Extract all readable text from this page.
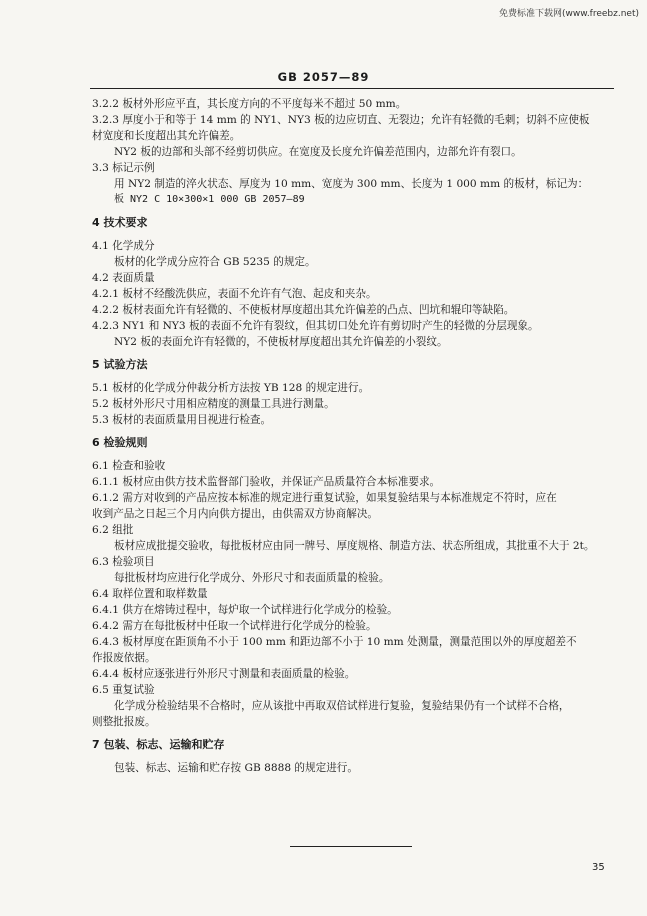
免费标准下载网(www.freebz.net)
GB 2057—89
3.2.2 板材外形应平直，其长度方向的不平度每米不超过 50 mm。
3.2.3 厚度小于和等于 14 mm 的 NY1、NY3 板的边应切直、无裂边；允许有轻微的毛刺；切斜不应使板
材宽度和长度超出其允许偏差。
NY2 板的边部和头部不经剪切供应。在宽度及长度允许偏差范围内，边部允许有裂口。
3.3 标记示例
用 NY2 制造的淬火状态、厚度为 10 mm、宽度为 300 mm、长度为 1 000 mm 的板材，标记为：
板 NY2 C 10×300×1 000 GB 2057—89
4 技术要求
4.1 化学成分
板材的化学成分应符合 GB 5235 的规定。
4.2 表面质量
4.2.1 板材不经酸洗供应，表面不允许有气泡、起皮和夹杂。
4.2.2 板材表面允许有轻微的、不使板材厚度超出其允许偏差的凸点、凹坑和辊印等缺陷。
4.2.3 NY1 和 NY3 板的表面不允许有裂纹，但其切口处允许有剪切时产生的轻微的分层现象。
NY2 板的表面允许有轻微的，不使板材厚度超出其允许偏差的小裂纹。
5 试验方法
5.1 板材的化学成分仲裁分析方法按 YB 128 的规定进行。
5.2 板材外形尺寸用相应精度的测量工具进行测量。
5.3 板材的表面质量用目视进行检查。
6 检验规则
6.1 检查和验收
6.1.1 板材应由供方技术监督部门验收，并保证产品质量符合本标准要求。
6.1.2 需方对收到的产品应按本标准的规定进行重复试验，如果复验结果与本标准规定不符时，应在
收到产品之日起三个月内向供方提出，由供需双方协商解决。
6.2 组批
板材应成批提交验收，每批板材应由同一牌号、厚度规格、制造方法、状态所组成，其批重不大于 2t。
6.3 检验项目
每批板材均应进行化学成分、外形尺寸和表面质量的检验。
6.4 取样位置和取样数量
6.4.1 供方在熔铸过程中，每炉取一个试样进行化学成分的检验。
6.4.2 需方在每批板材中任取一个试样进行化学成分的检验。
6.4.3 板材厚度在距顶角不小于 100 mm 和距边部不小于 10 mm 处测量，测量范围以外的厚度超差不
作报废依据。
6.4.4 板材应逐张进行外形尺寸测量和表面质量的检验。
6.5 重复试验
化学成分检验结果不合格时，应从该批中再取双倍试样进行复验，复验结果仍有一个试样不合格，
则整批报废。
7 包装、标志、运输和贮存
包装、标志、运输和贮存按 GB 8888 的规定进行。
35
